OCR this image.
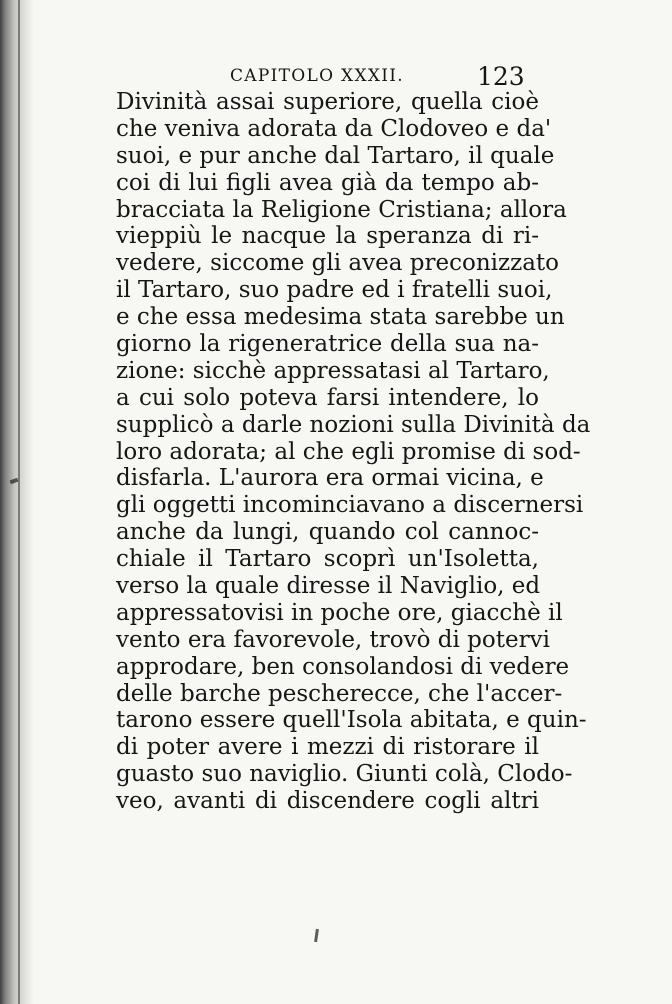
CAPITOLO XXXII.	123
Divinità assai superiore, quella cioè
che veniva adorata da Clodoveo e da'
suoi, e pur anche dal Tartaro, il quale
coi di lui figli avea già da tempo ab-
bracciata la Religione Cristiana; allora
vieppiù le nacque la speranza di ri-
vedere, siccome gli avea preconizzato
il Tartaro, suo padre ed i fratelli suoi,
e che essa medesima stata sarebbe un
giorno la rigeneratrice della sua na-
zione: sicchè appressatasi al Tartaro,
a cui solo poteva farsi intendere, lo
supplicò a darle nozioni sulla Divinità da
loro adorata; al che egli promise di sod-
disfarla. L'aurora era ormai vicina, e
gli oggetti incominciavano a discernersi
anche da lungi, quando col cannoc-
chiale il Tartaro scoprì un'Isoletta,
verso la quale diresse il Naviglio, ed
appressatovisi in poche ore, giacchè il
vento era favorevole, trovò di potervi
approdare, ben consolandosi di vedere
delle barche pescherecce, che l'accer-
tarono essere quell'Isola abitata, e quin-
di poter avere i mezzi di ristorare il
guasto suo naviglio. Giunti colà, Clodo-
veo, avanti di discendere cogli altri
